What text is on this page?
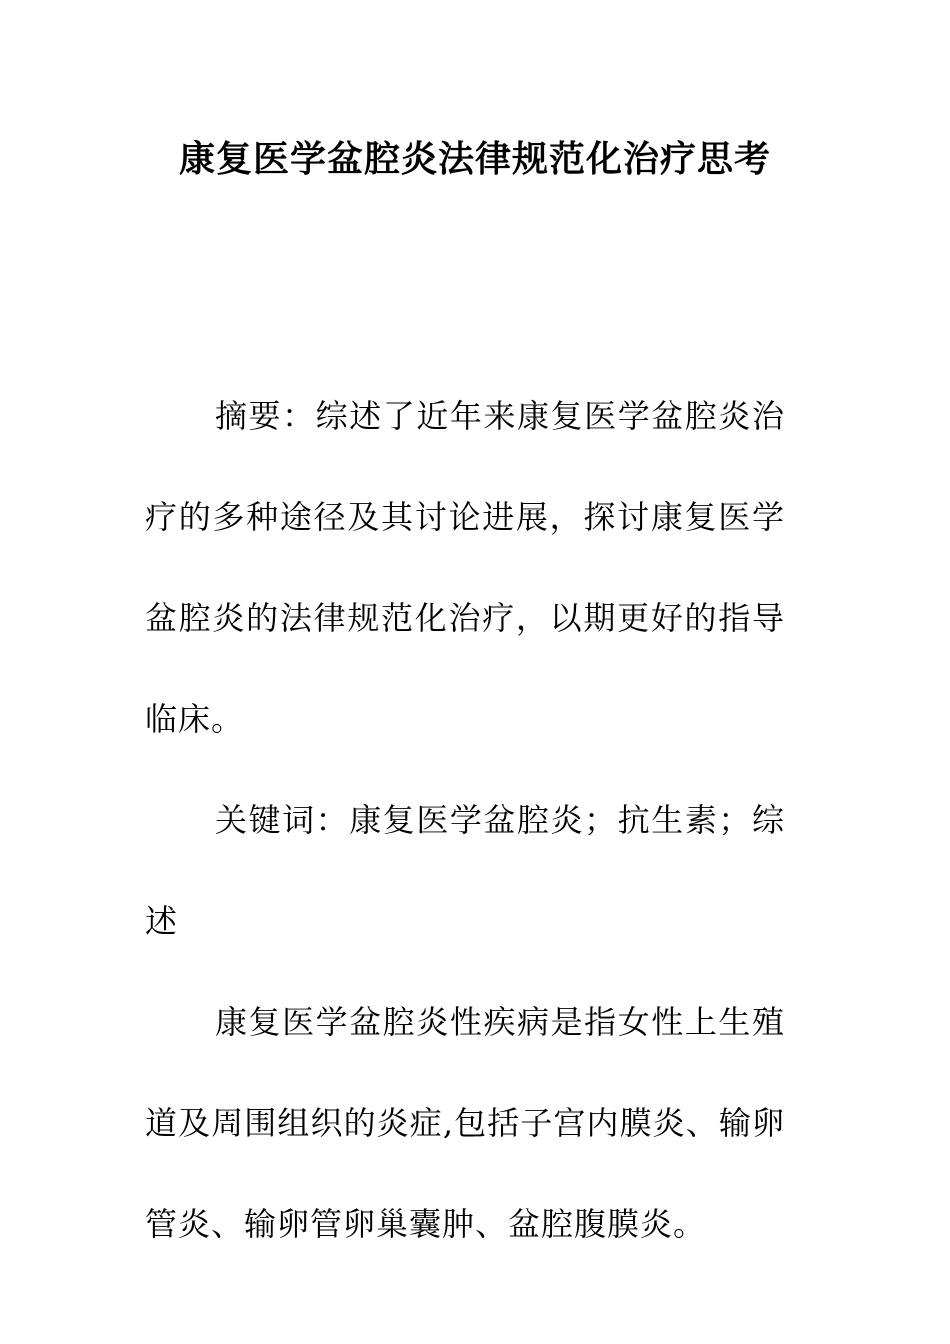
康复医学盆腔炎法律规范化治疗思考

摘要：综述了近年来康复医学盆腔炎治疗的多种途径及其讨论进展，探讨康复医学盆腔炎的法律规范化治疗，以期更好的指导临床。

关键词：康复医学盆腔炎；抗生素；综述

康复医学盆腔炎性疾病是指女性上生殖道及周围组织的炎症,包括子宫内膜炎、输卵管炎、输卵管卵巢囊肿、盆腔腹膜炎。
